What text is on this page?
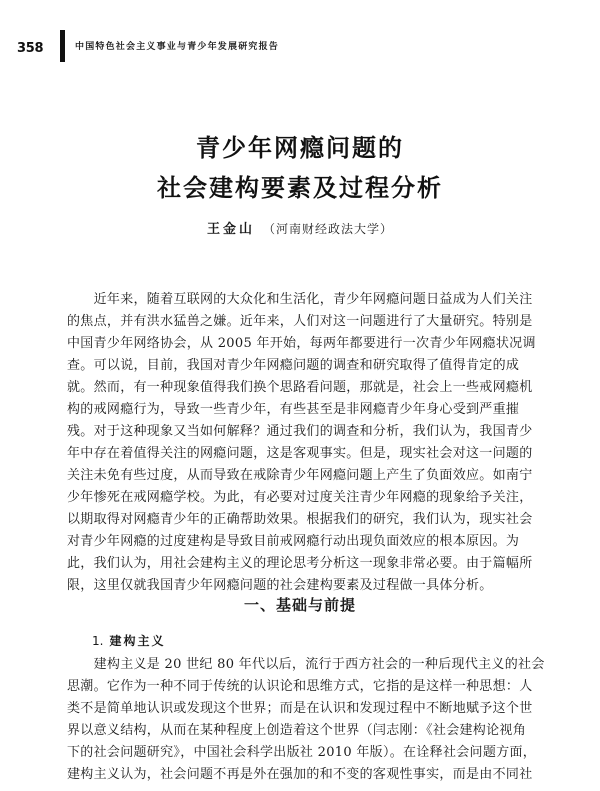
358	中国特色社会主义事业与青少年发展研究报告
青少年网瘾问题的
社会建构要素及过程分析
王金山 （河南财经政法大学）
　　近年来，随着互联网的大众化和生活化，青少年网瘾问题日益成为人们关注
的焦点，并有洪水猛兽之嫌。近年来，人们对这一问题进行了大量研究。特别是
中国青少年网络协会，从 2005 年开始，每两年都要进行一次青少年网瘾状况调
查。可以说，目前，我国对青少年网瘾问题的调查和研究取得了值得肯定的成
就。然而，有一种现象值得我们换个思路看问题，那就是，社会上一些戒网瘾机
构的戒网瘾行为，导致一些青少年，有些甚至是非网瘾青少年身心受到严重摧
残。对于这种现象又当如何解释？通过我们的调查和分析，我们认为，我国青少
年中存在着值得关注的网瘾问题，这是客观事实。但是，现实社会对这一问题的
关注未免有些过度，从而导致在戒除青少年网瘾问题上产生了负面效应。如南宁
少年惨死在戒网瘾学校。为此，有必要对过度关注青少年网瘾的现象给予关注，
以期取得对网瘾青少年的正确帮助效果。根据我们的研究，我们认为，现实社会
对青少年网瘾的过度建构是导致目前戒网瘾行动出现负面效应的根本原因。为
此，我们认为，用社会建构主义的理论思考分析这一现象非常必要。由于篇幅所
限，这里仅就我国青少年网瘾问题的社会建构要素及过程做一具体分析。
一、基础与前提
1. 建构主义
　　建构主义是 20 世纪 80 年代以后，流行于西方社会的一种后现代主义的社会
思潮。它作为一种不同于传统的认识论和思维方式，它指的是这样一种思想：人
类不是简单地认识或发现这个世界；而是在认识和发现过程中不断地赋予这个世
界以意义结构，从而在某种程度上创造着这个世界（闫志刚：《社会建构论视角
下的社会问题研究》，中国社会科学出版社 2010 年版）。在诠释社会问题方面，
建构主义认为，社会问题不再是外在强加的和不变的客观性事实，而是由不同社
